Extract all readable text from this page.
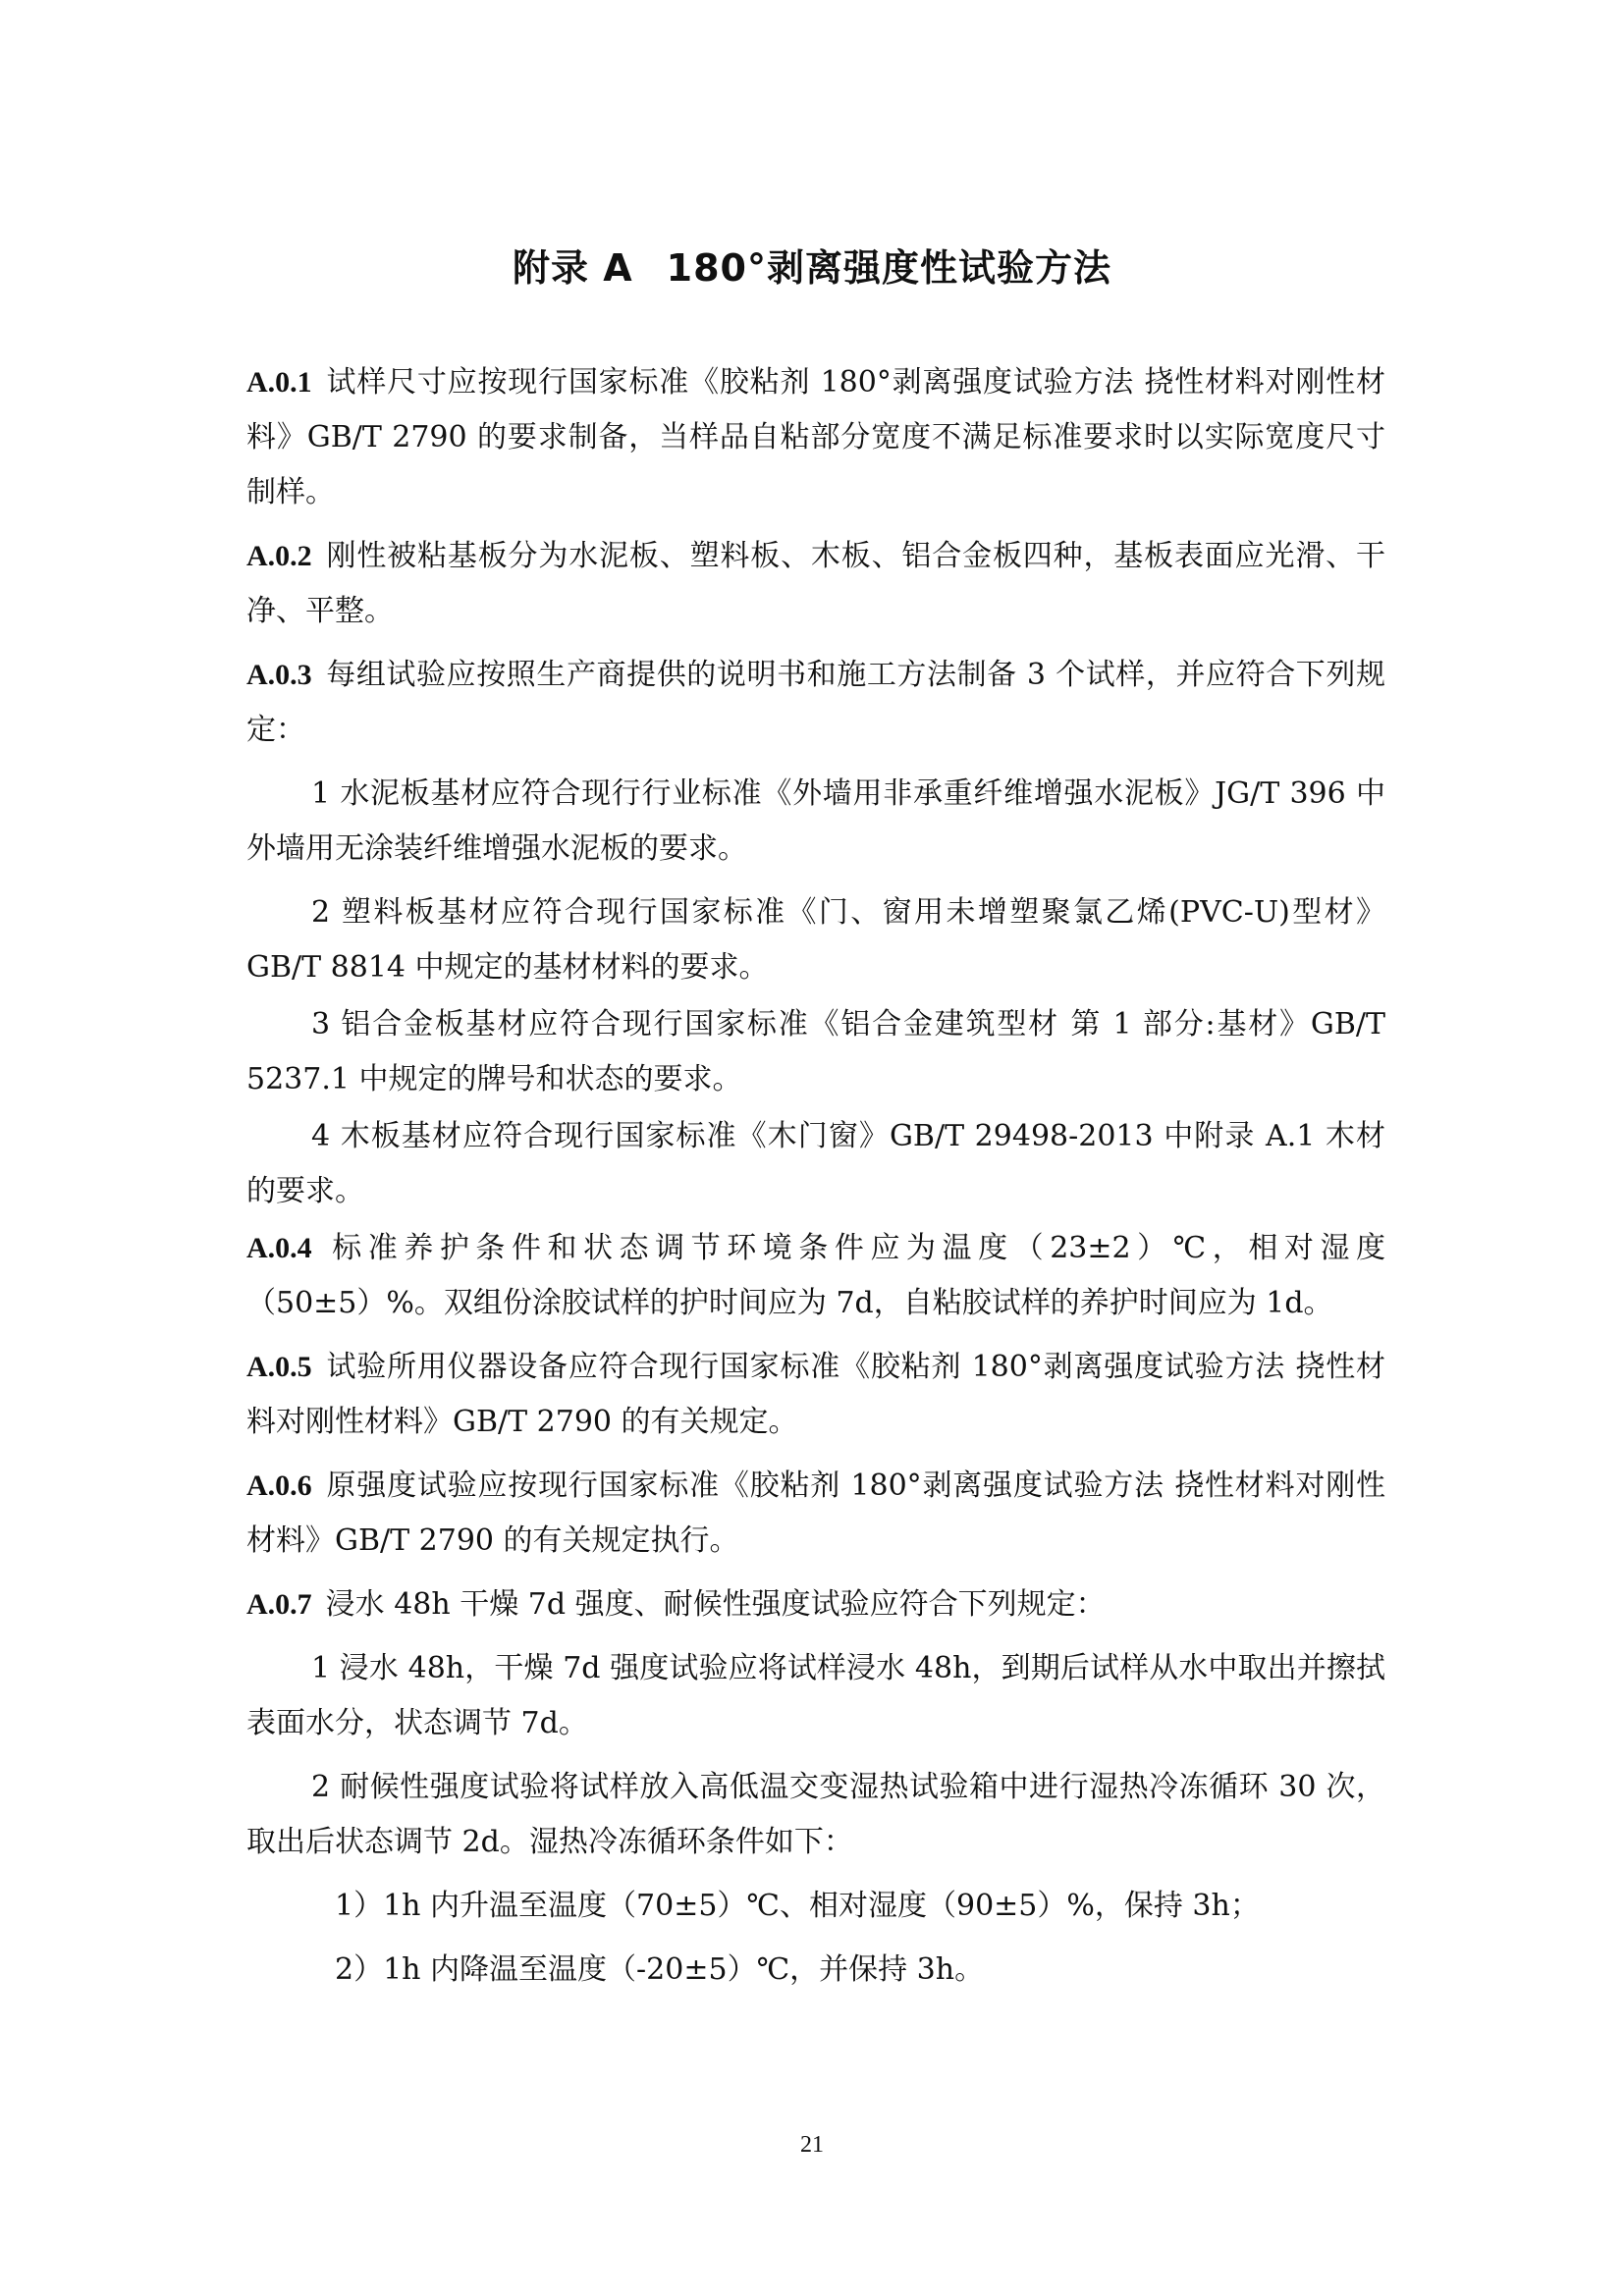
附录 A 180°剥离强度性试验方法

A.0.1 试样尺寸应按现行国家标准《胶粘剂 180°剥离强度试验方法 挠性材料对刚性材料》GB/T 2790 的要求制备，当样品自粘部分宽度不满足标准要求时以实际宽度尺寸制样。

A.0.2 刚性被粘基板分为水泥板、塑料板、木板、铝合金板四种，基板表面应光滑、干净、平整。

A.0.3 每组试验应按照生产商提供的说明书和施工方法制备 3 个试样，并应符合下列规定：

1 水泥板基材应符合现行行业标准《外墙用非承重纤维增强水泥板》JG/T 396 中外墙用无涂装纤维增强水泥板的要求。

2 塑料板基材应符合现行国家标准《门、窗用未增塑聚氯乙烯(PVC-U)型材》GB/T 8814 中规定的基材材料的要求。

3 铝合金板基材应符合现行国家标准《铝合金建筑型材 第 1 部分:基材》GB/T 5237.1 中规定的牌号和状态的要求。

4 木板基材应符合现行国家标准《木门窗》GB/T 29498-2013 中附录 A.1 木材的要求。

A.0.4 标准养护条件和状态调节环境条件应为温度（23±2）℃，相对湿度（50±5）%。双组份涂胶试样的护时间应为 7d，自粘胶试样的养护时间应为 1d。

A.0.5 试验所用仪器设备应符合现行国家标准《胶粘剂 180°剥离强度试验方法 挠性材料对刚性材料》GB/T 2790 的有关规定。

A.0.6 原强度试验应按现行国家标准《胶粘剂 180°剥离强度试验方法 挠性材料对刚性材料》GB/T 2790 的有关规定执行。

A.0.7 浸水 48h 干燥 7d 强度、耐候性强度试验应符合下列规定：

1 浸水 48h，干燥 7d 强度试验应将试样浸水 48h，到期后试样从水中取出并擦拭表面水分，状态调节 7d。

2 耐候性强度试验将试样放入高低温交变湿热试验箱中进行湿热冷冻循环 30 次，取出后状态调节 2d。湿热冷冻循环条件如下：

1）1h 内升温至温度（70±5）℃、相对湿度（90±5）%，保持 3h；

2）1h 内降温至温度（-20±5）℃，并保持 3h。

21
